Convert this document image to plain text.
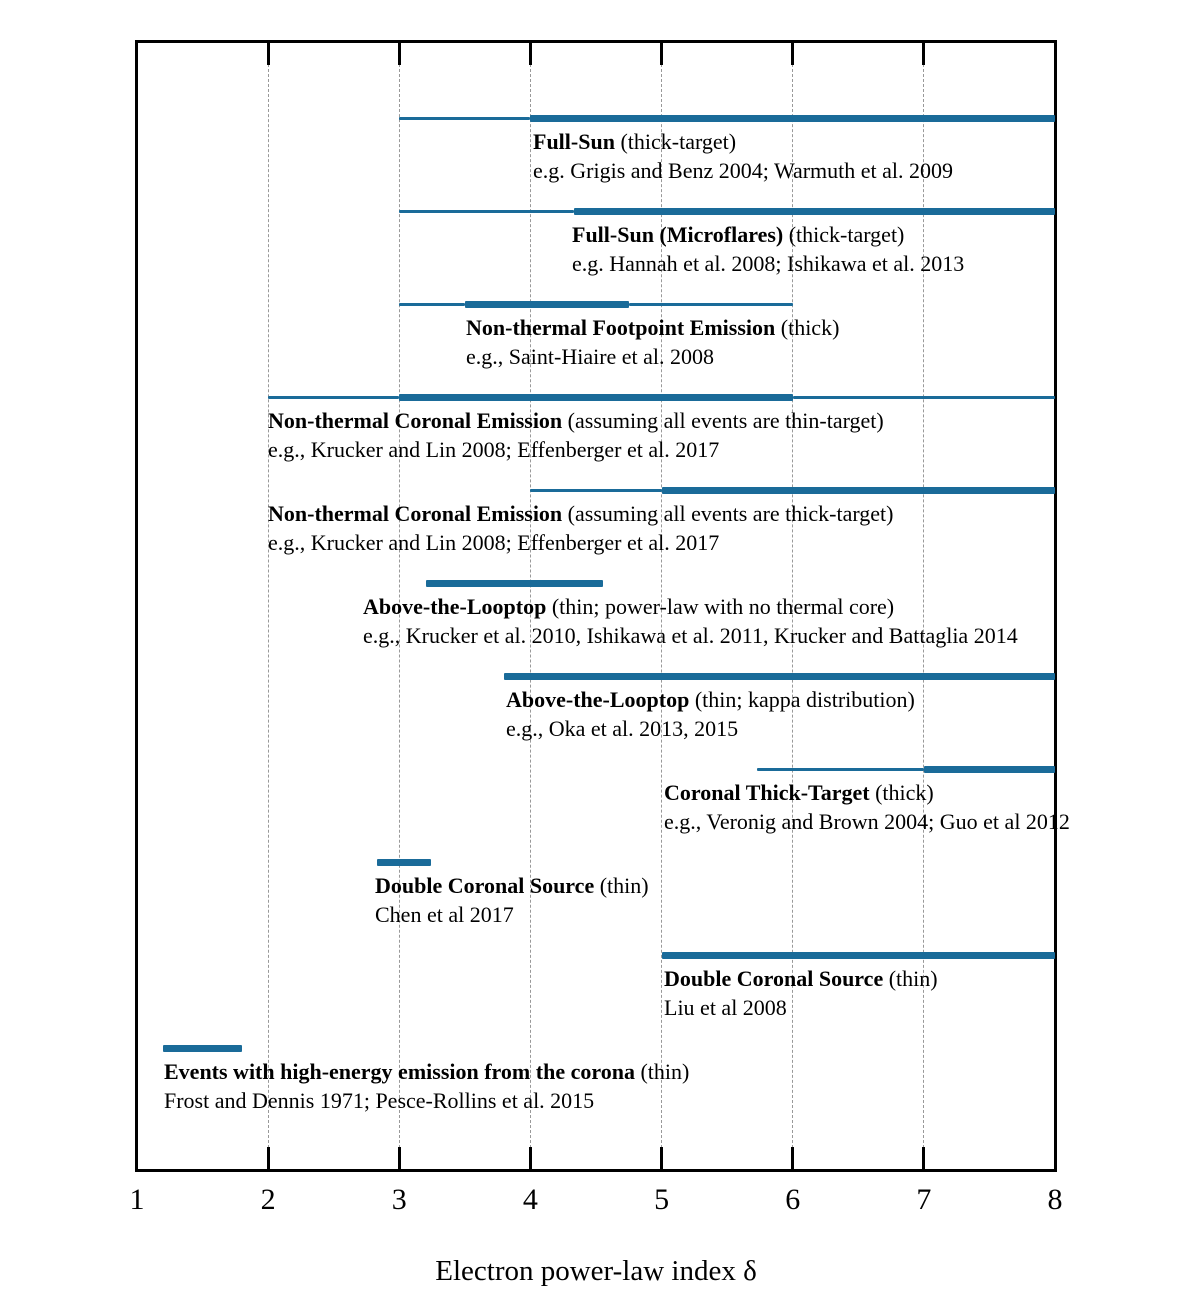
Full-Sun (thick-target)
e.g. Grigis and Benz 2004; Warmuth et al. 2009
Full-Sun (Microflares) (thick-target)
e.g. Hannah et al. 2008; Ishikawa et al. 2013
Non-thermal Footpoint Emission (thick)
e.g., Saint-Hiaire et al. 2008
Non-thermal Coronal Emission (assuming all events are thin-target)
e.g., Krucker and Lin 2008; Effenberger et al. 2017
Non-thermal Coronal Emission (assuming all events are thick-target)
e.g., Krucker and Lin 2008; Effenberger et al. 2017
Above-the-Looptop (thin; power-law with no thermal core)
e.g., Krucker et al. 2010, Ishikawa et al. 2011, Krucker and Battaglia 2014
Above-the-Looptop (thin; kappa distribution)
e.g., Oka et al. 2013, 2015
Coronal Thick-Target (thick)
e.g., Veronig and Brown 2004; Guo et al 2012
Double Coronal Source (thin)
Chen et al 2017
Double Coronal Source (thin)
Liu et al 2008
Events with high-energy emission from the corona (thin)
Frost and Dennis 1971; Pesce-Rollins et al. 2015
1	2	3	4	5	6	7	8
Electron power-law index δ
